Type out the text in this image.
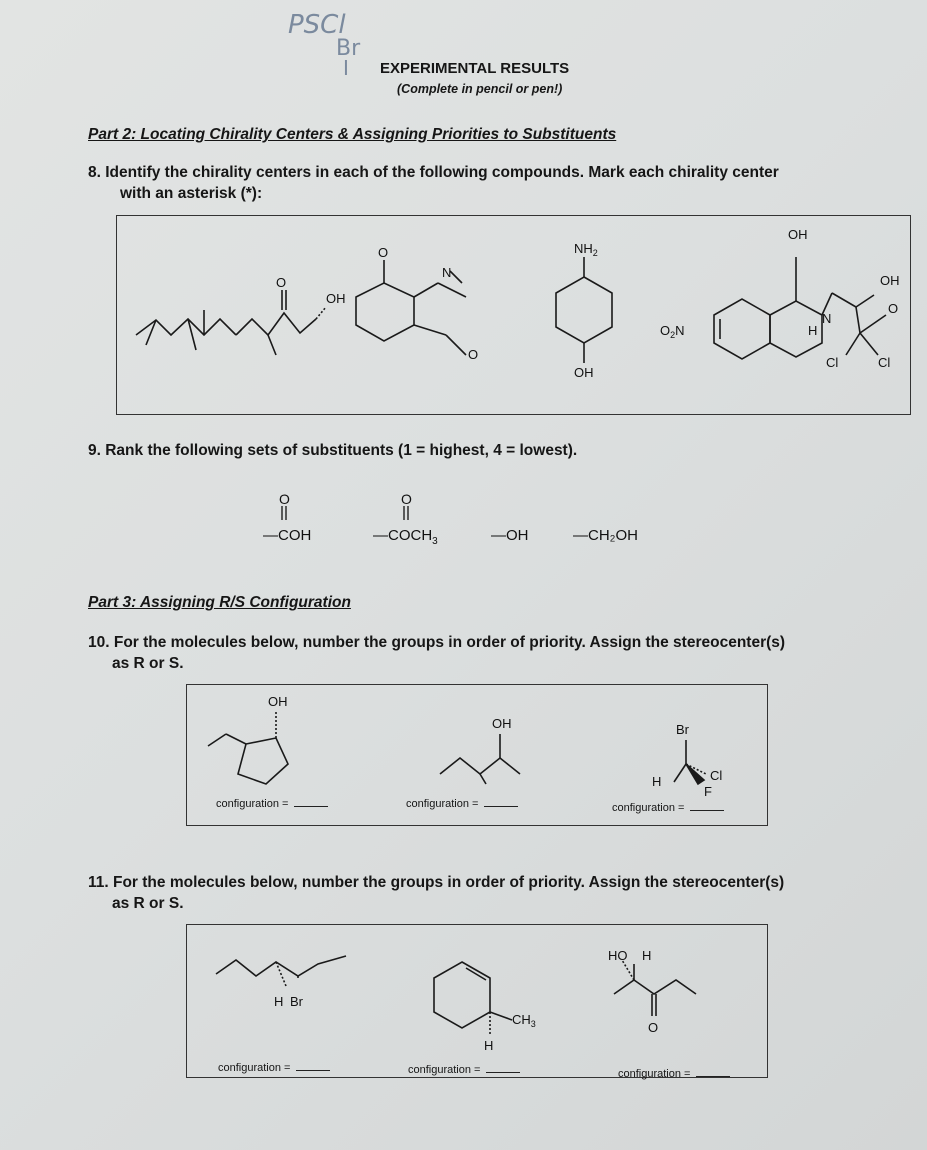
PSCl
Br
I EXPERIMENTAL RESULTS
(Complete in pencil or pen!)
Part 2: Locating Chirality Centers & Assigning Priorities to Substituents
8. Identify the chirality centers in each of the following compounds. Mark each chirality center
with an asterisk (*):
O
OH
O
N
O
$NH_2$
OH
$O_2N$
OH
OH
N
H
Cl	Cl
O
9. Rank the following sets of substituents (1 = highest, 4 = lowest).
O	O
—COH	$—COCH_3$	—OH	—CH₂OH
Part 3: Assigning R/S Configuration
10. For the molecules below, number the groups in order of priority. Assign the stereocenter(s)
as R or S.
OH
OH	Br
H	Cl
F
configuration =	configuration =	configuration =
11. For the molecules below, number the groups in order of priority. Assign the stereocenter(s)
as R or S.
H Br
$CH_3$
H
HO H
O
configuration =	configuration =	configuration =
